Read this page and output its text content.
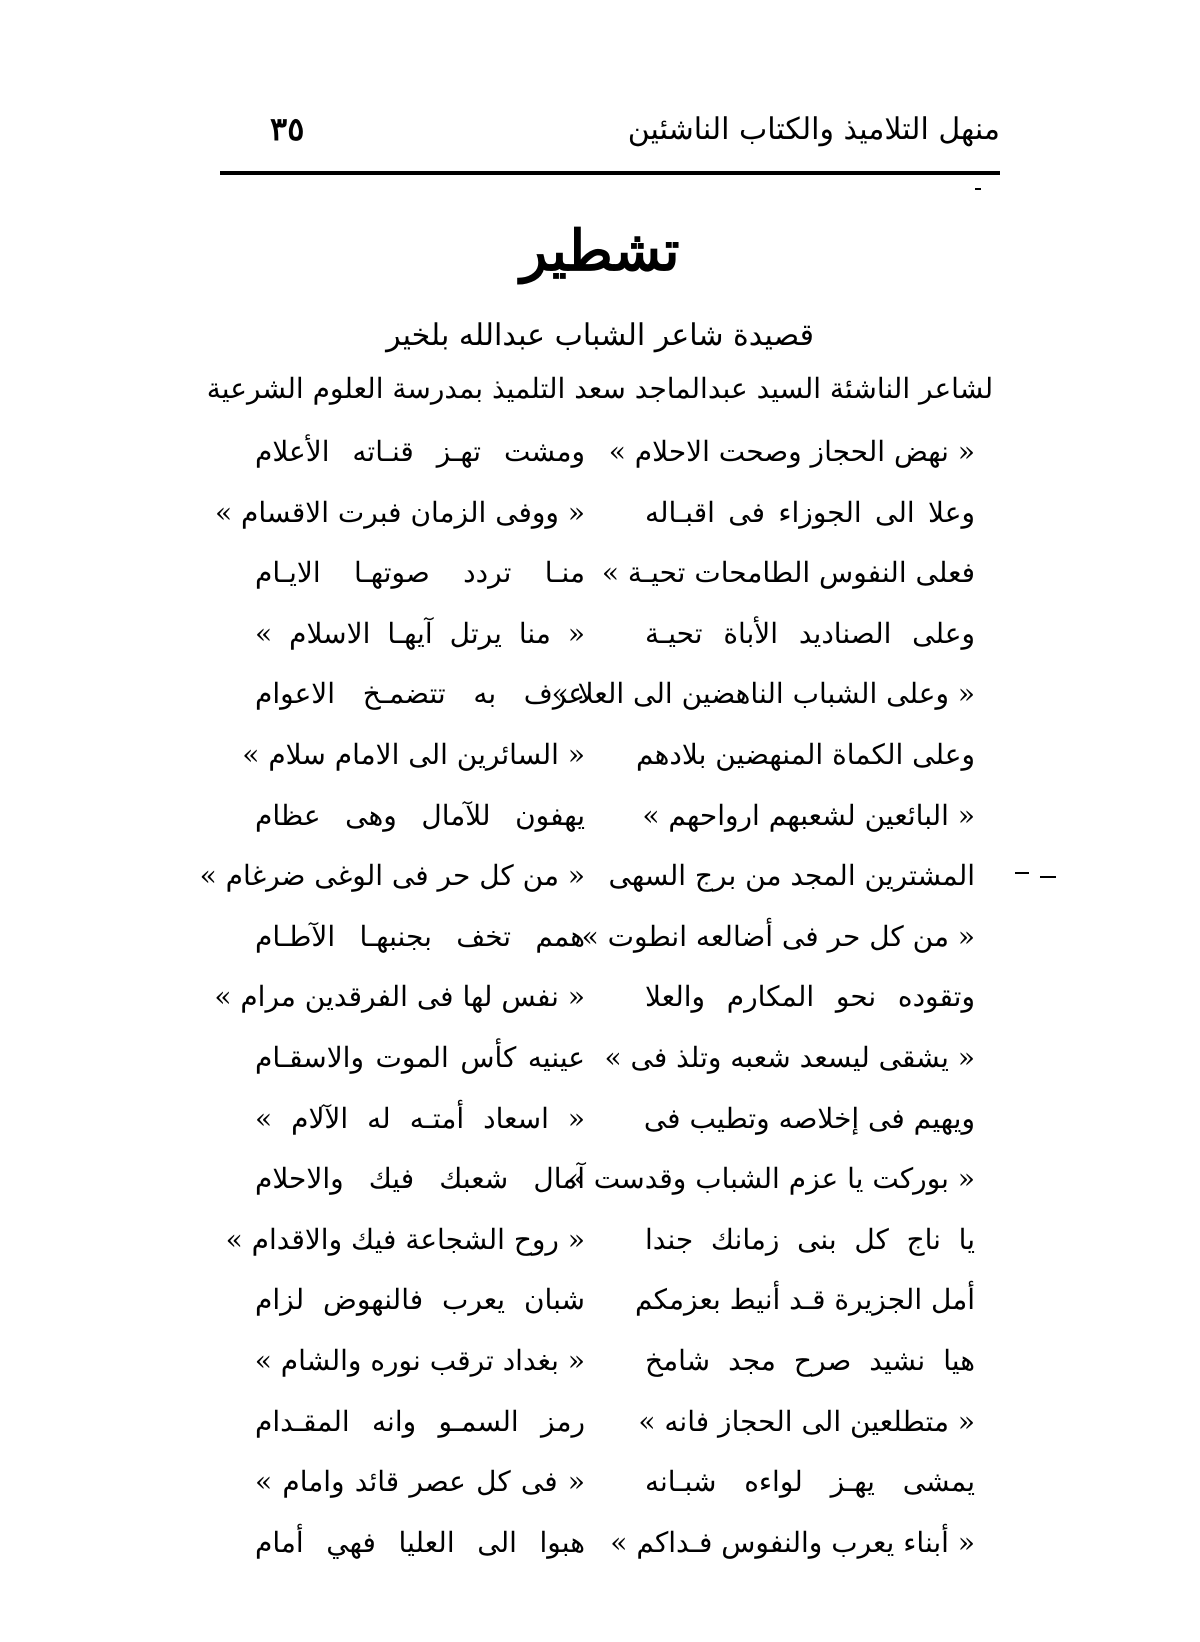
منهل التلاميذ والكتاب الناشئين
٣٥
تشطير
قصيدة شاعر الشباب عبدالله بلخير
لشاعر الناشئة السيد عبدالماجد سعد التلميذ بمدرسة العلوم الشرعية
« نهض الحجاز وصحت الاحلام »
ومشت تهـز قنـاته الأعلام
وعلا الى الجوزاء فى اقبـاله
« ووفى الزمان فبرت الاقسام »
فعلى النفوس الطامحات تحيـة »
منـا تردد صوتهـا الايـام
وعلى الصناديد الأباة تحيـة
« منا يرتل آيهـا الاسلام »
« وعلى الشباب الناهضين الى العلا »
عرف به تتضمـخ الاعوام
وعلى الكماة المنهضين بلادهم
« السائرين الى الامام سلام »
« البائعين لشعبهم ارواحهم »
يهفون للآمال وهى عظام
المشترين المجد من برج السهى
« من كل حر فى الوغى ضرغام »
« من كل حر فى أضالعه انطوت »
همم تخف بجنبهـا الآطـام
وتقوده نحو المكارم والعلا
« نفس لها فى الفرقدين مرام »
« يشقى ليسعد شعبه وتلذ فى »
عينيه كأس الموت والاسقـام
ويهيم فى إخلاصه وتطيب فى
« اسعاد أمتـه له الآلام »
« بوركت يا عزم الشباب وقدست »
آمال شعبك فيك والاحلام
يا ناج كل بنى زمانك جندا
« روح الشجاعة فيك والاقدام »
أمل الجزيرة قـد أنيط بعزمكم
شبان يعرب فالنهوض لزام
هيا نشيد صرح مجد شامخ
« بغداد ترقب نوره والشام »
« متطلعين الى الحجاز فانه »
رمز السمـو وانه المقـدام
يمشى يهـز لواءه شبـانه
« فى كل عصر قائد وامام »
« أبناء يعرب والنفوس فـداكم »
هبوا الى العليا فهي أمام
